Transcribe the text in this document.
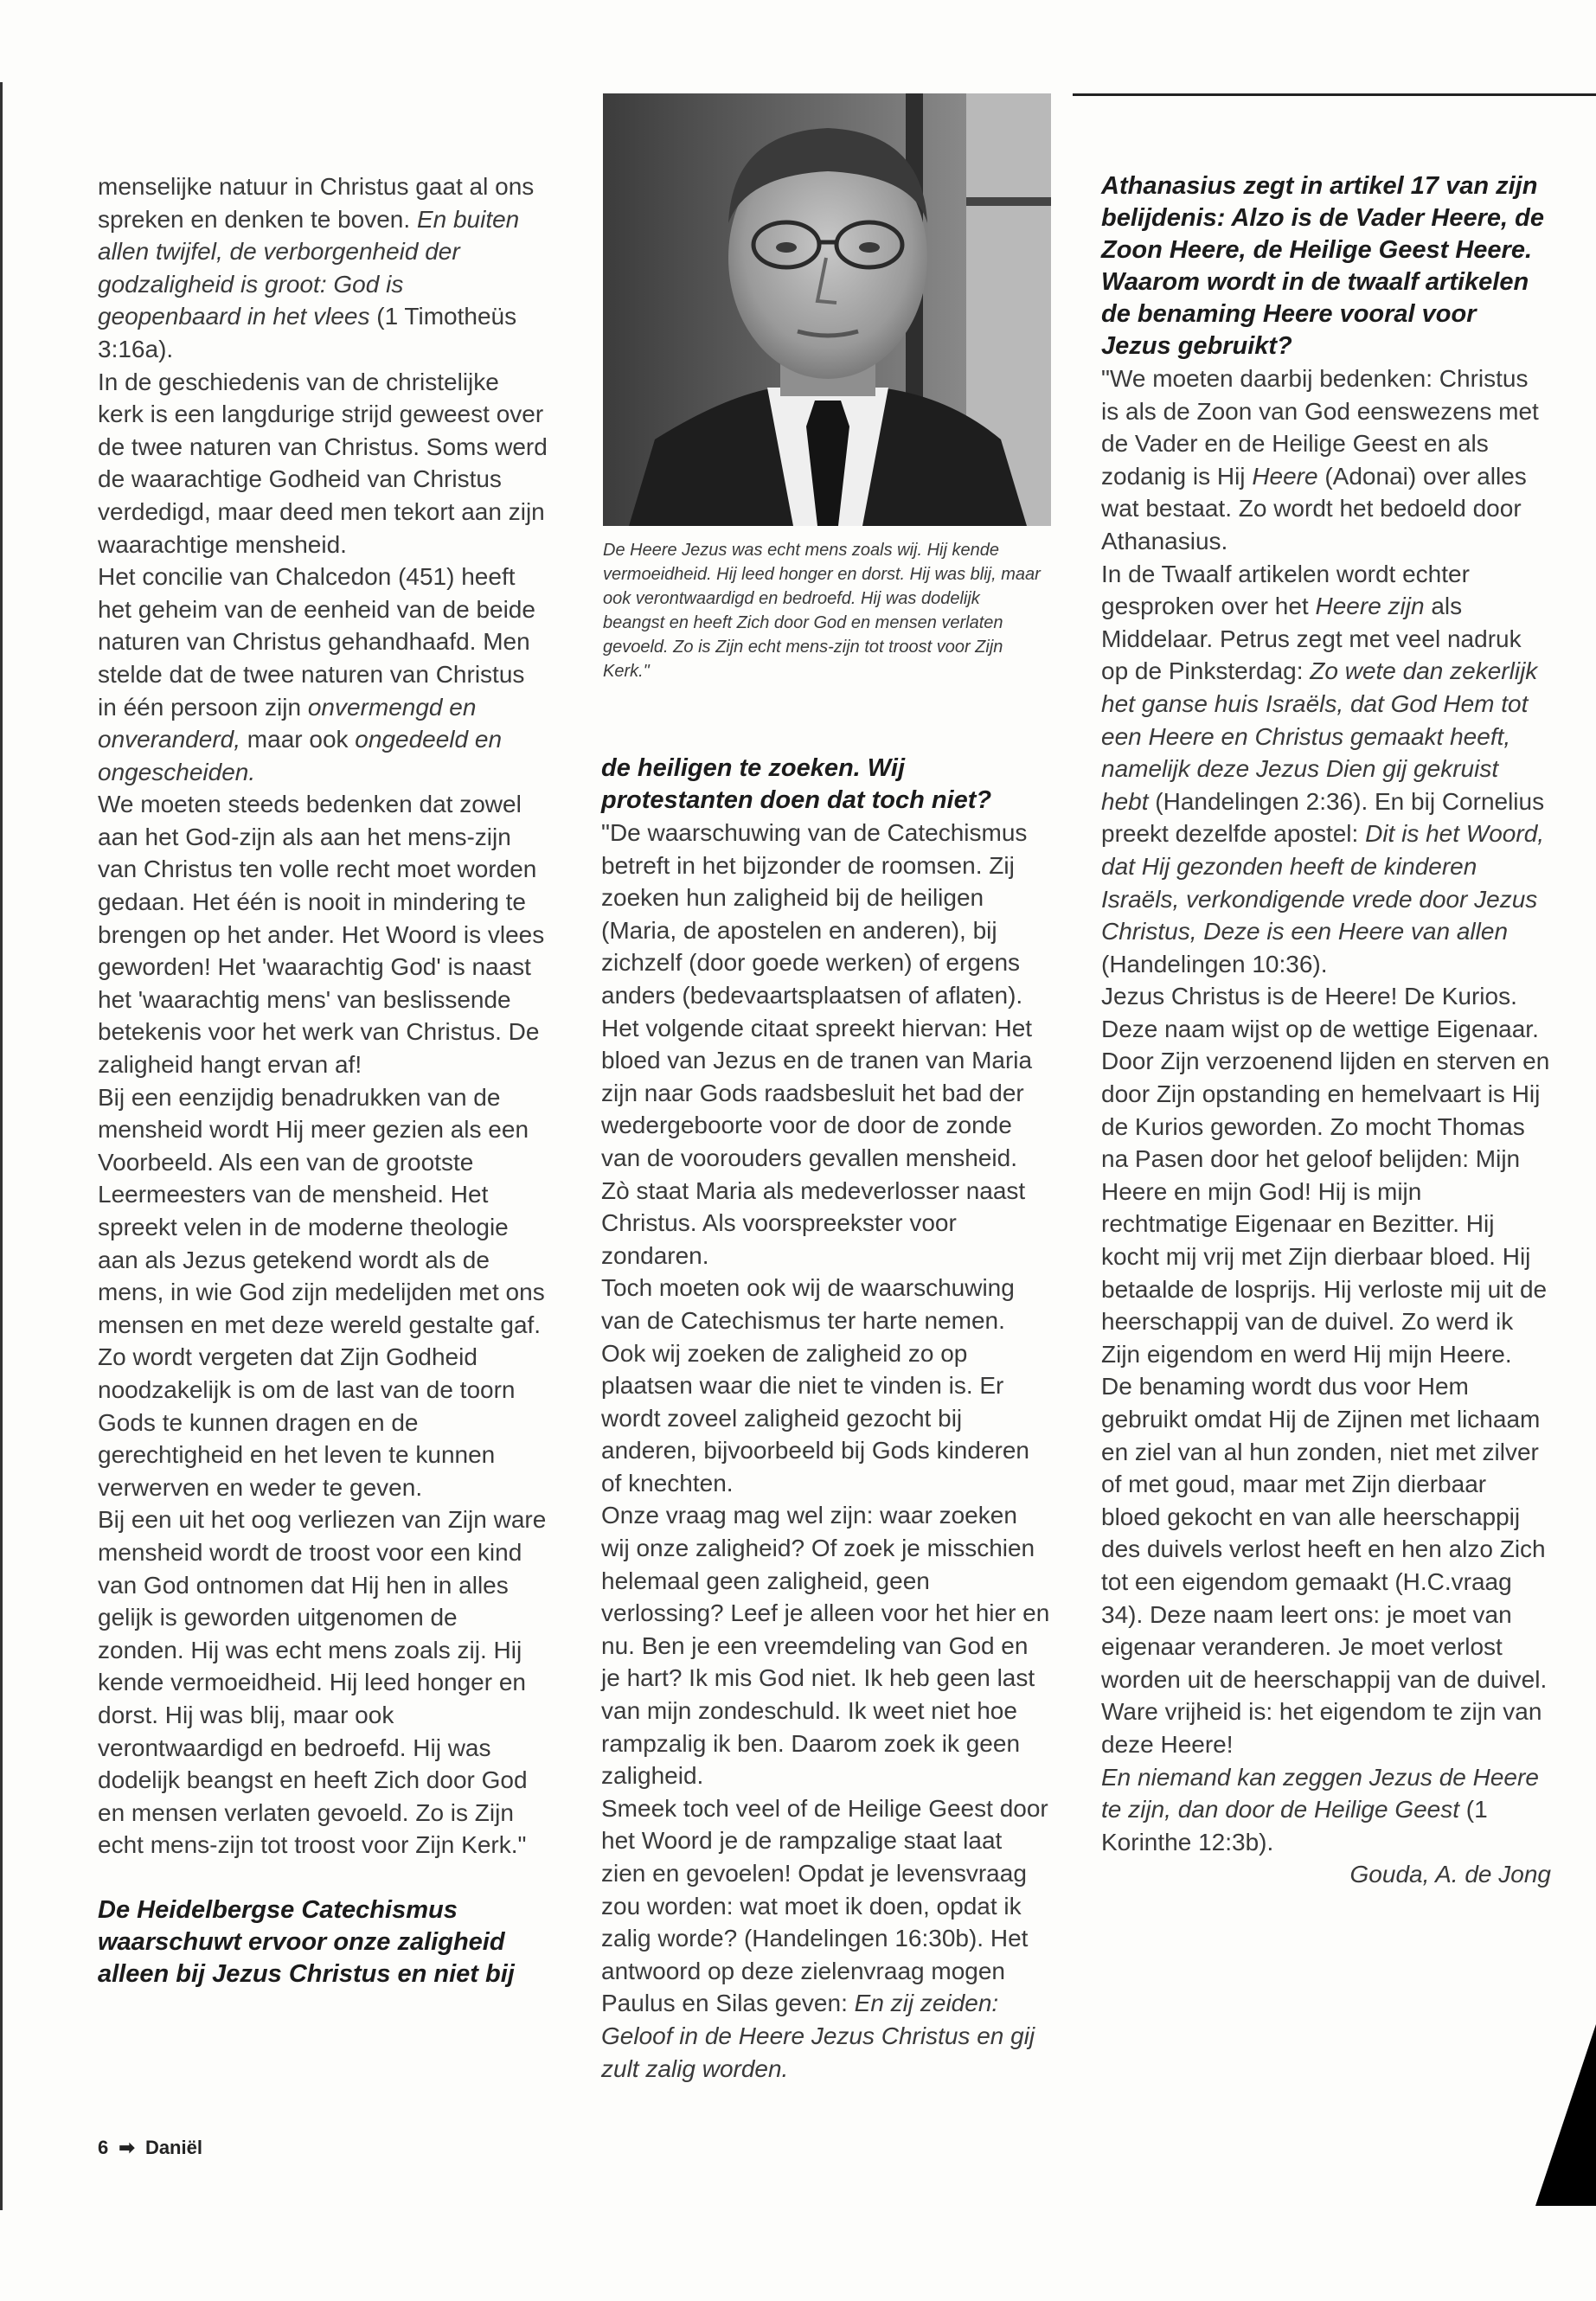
menselijke natuur in Christus gaat al ons spreken en denken te boven. En buiten allen twijfel, de verborgenheid der godzaligheid is groot: God is geopenbaard in het vlees (1 Timotheüs 3:16a).

In de geschiedenis van de christelijke kerk is een langdurige strijd geweest over de twee naturen van Christus. Soms werd de waarachtige Godheid van Christus verdedigd, maar deed men tekort aan zijn waarachtige mensheid.

Het concilie van Chalcedon (451) heeft het geheim van de eenheid van de beide naturen van Christus gehandhaafd. Men stelde dat de twee naturen van Christus in één persoon zijn onvermengd en onveranderd, maar ook ongedeeld en ongescheiden.

We moeten steeds bedenken dat zowel aan het God-zijn als aan het mens-zijn van Christus ten volle recht moet worden gedaan. Het één is nooit in mindering te brengen op het ander. Het Woord is vlees geworden! Het 'waarachtig God' is naast het 'waarachtig mens' van beslissende betekenis voor het werk van Christus. De zaligheid hangt ervan af!

Bij een eenzijdig benadrukken van de mensheid wordt Hij meer gezien als een Voorbeeld. Als een van de grootste Leermeesters van de mensheid. Het spreekt velen in de moderne theologie aan als Jezus getekend wordt als de mens, in wie God zijn medelijden met ons mensen en met deze wereld gestalte gaf.

Zo wordt vergeten dat Zijn Godheid noodzakelijk is om de last van de toorn Gods te kunnen dragen en de gerechtigheid en het leven te kunnen verwerven en weder te geven.

Bij een uit het oog verliezen van Zijn ware mensheid wordt de troost voor een kind van God ontnomen dat Hij hen in alles gelijk is geworden uitgenomen de zonden. Hij was echt mens zoals zij. Hij kende vermoeidheid. Hij leed honger en dorst. Hij was blij, maar ook verontwaardigd en bedroefd. Hij was dodelijk beangst en heeft Zich door God en mensen verlaten gevoeld. Zo is Zijn echt mens-zijn tot troost voor Zijn Kerk."

De Heidelbergse Catechismus waarschuwt ervoor onze zaligheid alleen bij Jezus Christus en niet bij

De Heere Jezus was echt mens zoals wij. Hij kende vermoeidheid. Hij leed honger en dorst. Hij was blij, maar ook verontwaardigd en bedroefd. Hij was dodelijk beangst en heeft Zich door God en mensen verlaten gevoeld. Zo is Zijn echt mens-zijn tot troost voor Zijn Kerk."

de heiligen te zoeken. Wij protestanten doen dat toch niet?

"De waarschuwing van de Catechismus betreft in het bijzonder de roomsen. Zij zoeken hun zaligheid bij de heiligen (Maria, de apostelen en anderen), bij zichzelf (door goede werken) of ergens anders (bedevaartsplaatsen of aflaten).

Het volgende citaat spreekt hiervan: Het bloed van Jezus en de tranen van Maria zijn naar Gods raadsbesluit het bad der wedergeboorte voor de door de zonde van de voorouders gevallen mensheid. Zò staat Maria als medeverlosser naast Christus. Als voorspreekster voor zondaren.

Toch moeten ook wij de waarschuwing van de Catechismus ter harte nemen. Ook wij zoeken de zaligheid zo op plaatsen waar die niet te vinden is. Er wordt zoveel zaligheid gezocht bij anderen, bijvoorbeeld bij Gods kinderen of knechten.

Onze vraag mag wel zijn: waar zoeken wij onze zaligheid? Of zoek je misschien helemaal geen zaligheid, geen verlossing? Leef je alleen voor het hier en nu. Ben je een vreemdeling van God en je hart? Ik mis God niet. Ik heb geen last van mijn zondeschuld. Ik weet niet hoe rampzalig ik ben. Daarom zoek ik geen zaligheid.

Smeek toch veel of de Heilige Geest door het Woord je de rampzalige staat laat zien en gevoelen! Opdat je levensvraag zou worden: wat moet ik doen, opdat ik zalig worde? (Handelingen 16:30b). Het antwoord op deze zielenvraag mogen Paulus en Silas geven: En zij zeiden: Geloof in de Heere Jezus Christus en gij zult zalig worden.

Athanasius zegt in artikel 17 van zijn belijdenis: Alzo is de Vader Heere, de Zoon Heere, de Heilige Geest Heere. Waarom wordt in de twaalf artikelen de benaming Heere vooral voor Jezus gebruikt?

"We moeten daarbij bedenken: Christus is als de Zoon van God eenswezens met de Vader en de Heilige Geest en als zodanig is Hij Heere (Adonai) over alles wat bestaat. Zo wordt het bedoeld door Athanasius.

In de Twaalf artikelen wordt echter gesproken over het Heere zijn als Middelaar. Petrus zegt met veel nadruk op de Pinksterdag: Zo wete dan zekerlijk het ganse huis Israëls, dat God Hem tot een Heere en Christus gemaakt heeft, namelijk deze Jezus Dien gij gekruist hebt (Handelingen 2:36). En bij Cornelius preekt dezelfde apostel: Dit is het Woord, dat Hij gezonden heeft de kinderen Israëls, verkondigende vrede door Jezus Christus, Deze is een Heere van allen (Handelingen 10:36).

Jezus Christus is de Heere! De Kurios. Deze naam wijst op de wettige Eigenaar. Door Zijn verzoenend lijden en sterven en door Zijn opstanding en hemelvaart is Hij de Kurios geworden. Zo mocht Thomas na Pasen door het geloof belijden: Mijn Heere en mijn God! Hij is mijn rechtmatige Eigenaar en Bezitter. Hij kocht mij vrij met Zijn dierbaar bloed. Hij betaalde de losprijs. Hij verloste mij uit de heerschappij van de duivel. Zo werd ik Zijn eigendom en werd Hij mijn Heere.

De benaming wordt dus voor Hem gebruikt omdat Hij de Zijnen met lichaam en ziel van al hun zonden, niet met zilver of met goud, maar met Zijn dierbaar bloed gekocht en van alle heerschappij des duivels verlost heeft en hen alzo Zich tot een eigendom gemaakt (H.C.vraag 34). Deze naam leert ons: je moet van eigenaar veranderen. Je moet verlost worden uit de heerschappij van de duivel. Ware vrijheid is: het eigendom te zijn van deze Heere!

En niemand kan zeggen Jezus de Heere te zijn, dan door de Heilige Geest (1 Korinthe 12:3b).

Gouda, A. de Jong

6 ➡ Daniël
